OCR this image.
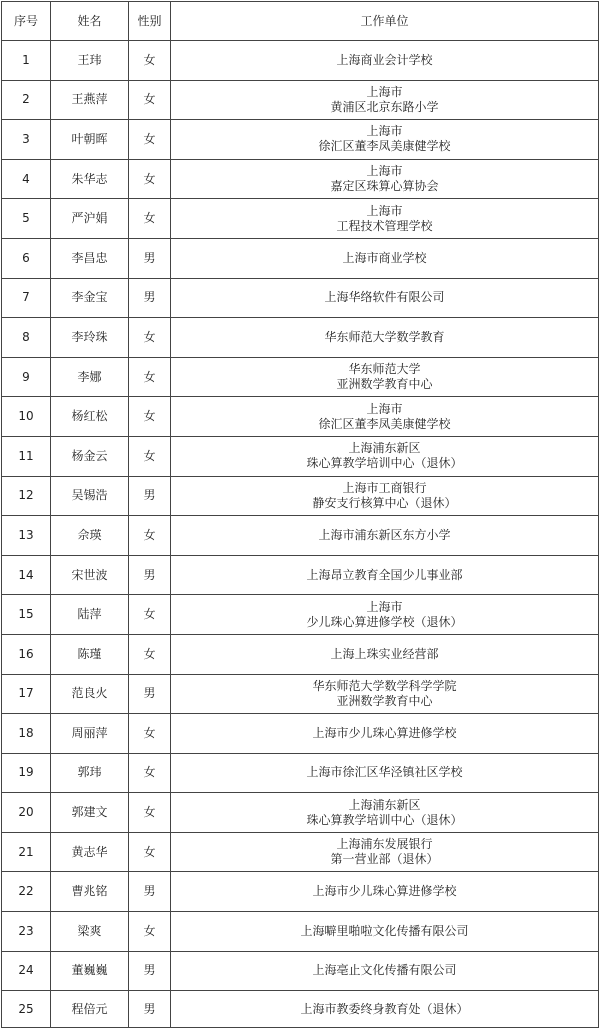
序号	姓名	性别	工作单位
1	王玮	女	上海商业会计学校

2	王燕萍	女	上海市
黄浦区北京东路小学

3	叶朝晖	女	上海市
徐汇区董李凤美康健学校

4	朱华志	女	上海市
嘉定区珠算心算协会

5	严沪娟	女	上海市
工程技术管理学校

6	李昌忠	男	上海市商业学校

7	李金宝	男	上海华络软件有限公司

8	李玲珠	女	华东师范大学数学教育

9	李娜	女	华东师范大学
亚洲数学教育中心

10	杨红松	女	上海市
徐汇区董李凤美康健学校

11	杨金云	女	上海浦东新区
珠心算教学培训中心（退休）

12	吴锡浩	男	上海市工商银行
静安支行核算中心（退休）

13	佘瑛	女	上海市浦东新区东方小学

14	宋世波	男	上海昂立教育全国少儿事业部

15	陆萍	女	上海市
少儿珠心算进修学校（退休）

16	陈瑾	女	上海上珠实业经营部

17	范良火	男	华东师范大学数学科学学院
亚洲数学教育中心

18	周丽萍	女	上海市少儿珠心算进修学校

19	郭玮	女	上海市徐汇区华泾镇社区学校

20	郭建文	女	上海浦东新区
珠心算教学培训中心（退休）

21	黄志华	女	上海浦东发展银行
第一营业部（退休）

22	曹兆铭	男	上海市少儿珠心算进修学校

23	梁爽	女	上海噼里啪啦文化传播有限公司

24	董巍巍	男	上海亳止文化传播有限公司

25	程倍元	男	上海市教委终身教育处（退休）
